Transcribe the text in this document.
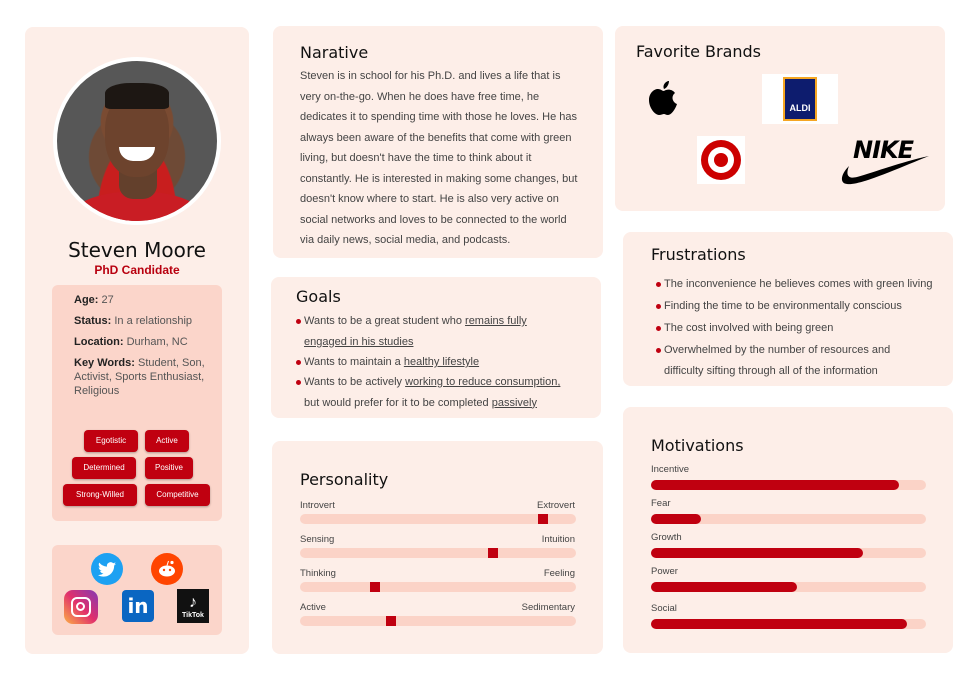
Steven Moore
PhD Candidate

Age: 27

Status: In a relationship

Location: Durham, NC

Key Words: Student, Son, Activist, Sports Enthusiast, Religious

Egotistic	Active
Determined	Positive
Strong-Willed	Competitive
in	♪
TikTok
Narative
Steven is in school for his Ph.D. and lives a life that is very on-the-go. When he does have free time, he dedicates it to spending time with those he loves. He has always been aware of the benefits that come with green living, but doesn't have the time to think about it constantly. He is interested in making some changes, but doesn't know where to start. He is also very active on social networks and loves to be connected to the world via daily news, social media, and podcasts.
Goals
Wants to be a great student who remains fully
engaged in his studies
Wants to maintain a healthy lifestyle
Wants to be actively working to reduce consumption,
but would prefer for it to be completed passively
Personality
Introvert	Extrovert
Sensing	Intuition
Thinking	Feeling
Active	Sedimentary
Favorite Brands
ALDI
NIKE
Frustrations
The inconvenience he believes comes with green living
Finding the time to be environmentally conscious
The cost involved with being green
Overwhelmed by the number of resources and
difficulty sifting through all of the information
Motivations
Incentive
Fear
Growth
Power
Social
